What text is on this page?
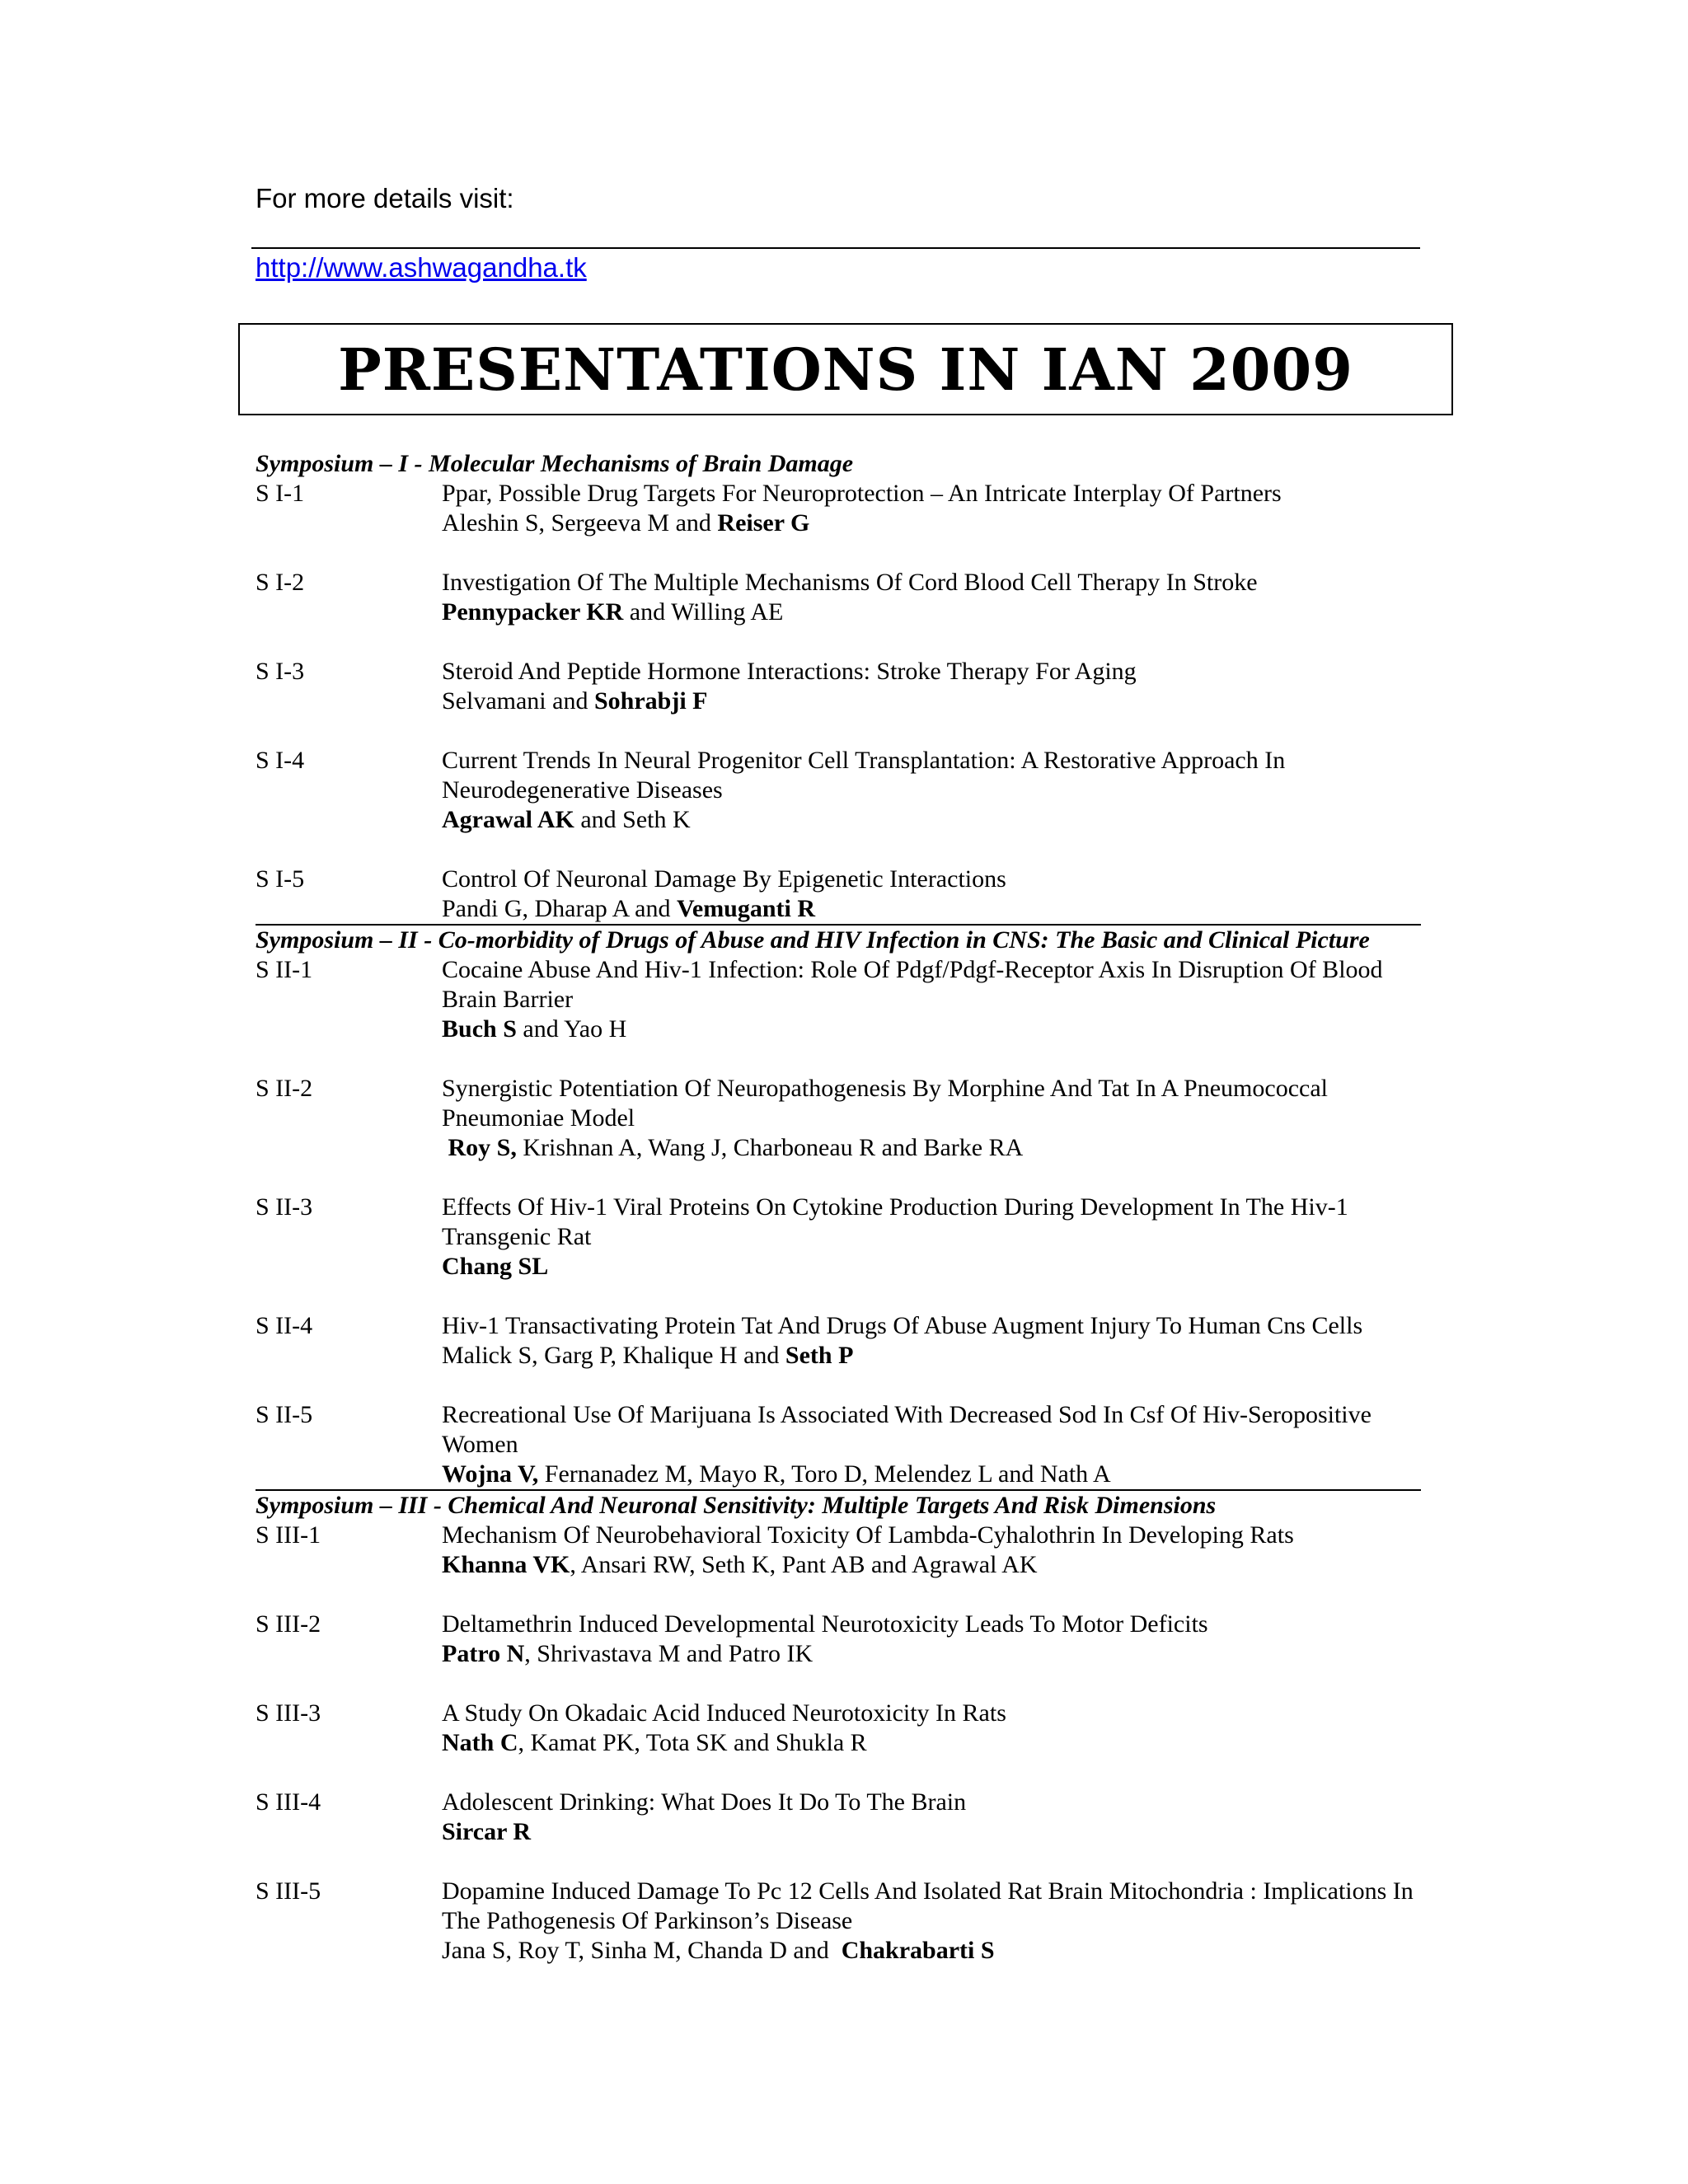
For more details visit:
http://www.ashwagandha.tk
PRESENTATIONS IN IAN 2009
Symposium – I - Molecular Mechanisms of Brain Damage
S I-1	Ppar, Possible Drug Targets For Neuroprotection – An Intricate Interplay Of Partners
Aleshin S, Sergeeva M and Reiser G
S I-2	Investigation Of The Multiple Mechanisms Of Cord Blood Cell Therapy In Stroke
Pennypacker KR and Willing AE
S I-3	Steroid And Peptide Hormone Interactions: Stroke Therapy For Aging
Selvamani and Sohrabji F
S I-4	Current Trends In Neural Progenitor Cell Transplantation: A Restorative Approach In Neurodegenerative Diseases
Agrawal AK and Seth K
S I-5	Control Of Neuronal Damage By Epigenetic Interactions
Pandi G, Dharap A and Vemuganti R
Symposium – II - Co-morbidity of Drugs of Abuse and HIV Infection in CNS: The Basic and Clinical Picture
S II-1	Cocaine Abuse And Hiv-1 Infection: Role Of Pdgf/Pdgf-Receptor Axis In Disruption Of Blood Brain Barrier
Buch S and Yao H
S II-2	Synergistic Potentiation Of Neuropathogenesis By Morphine And Tat In A Pneumococcal Pneumoniae Model
Roy S, Krishnan A, Wang J, Charboneau R and Barke RA
S II-3	Effects Of Hiv-1 Viral Proteins On Cytokine Production During Development In The Hiv-1 Transgenic Rat
Chang SL
S II-4	Hiv-1 Transactivating Protein Tat And Drugs Of Abuse Augment Injury To Human Cns Cells
Malick S, Garg P, Khalique H and Seth P
S II-5	Recreational Use Of Marijuana Is Associated With Decreased Sod In Csf Of Hiv-Seropositive Women
Wojna V, Fernanadez M, Mayo R, Toro D, Melendez L and Nath A
Symposium – III - Chemical And Neuronal Sensitivity: Multiple Targets And Risk Dimensions
S III-1	Mechanism Of Neurobehavioral Toxicity Of Lambda-Cyhalothrin In Developing Rats
Khanna VK, Ansari RW, Seth K, Pant AB and Agrawal AK
S III-2	Deltamethrin Induced Developmental Neurotoxicity Leads To Motor Deficits
Patro N, Shrivastava M and Patro IK
S III-3	A Study On Okadaic Acid Induced Neurotoxicity In Rats
Nath C, Kamat PK, Tota SK and Shukla R
S III-4	Adolescent Drinking: What Does It Do To The Brain
Sircar R
S III-5	Dopamine Induced Damage To Pc 12 Cells And Isolated Rat Brain Mitochondria : Implications In The Pathogenesis Of Parkinson’s Disease
Jana S, Roy T, Sinha M, Chanda D and  Chakrabarti S
